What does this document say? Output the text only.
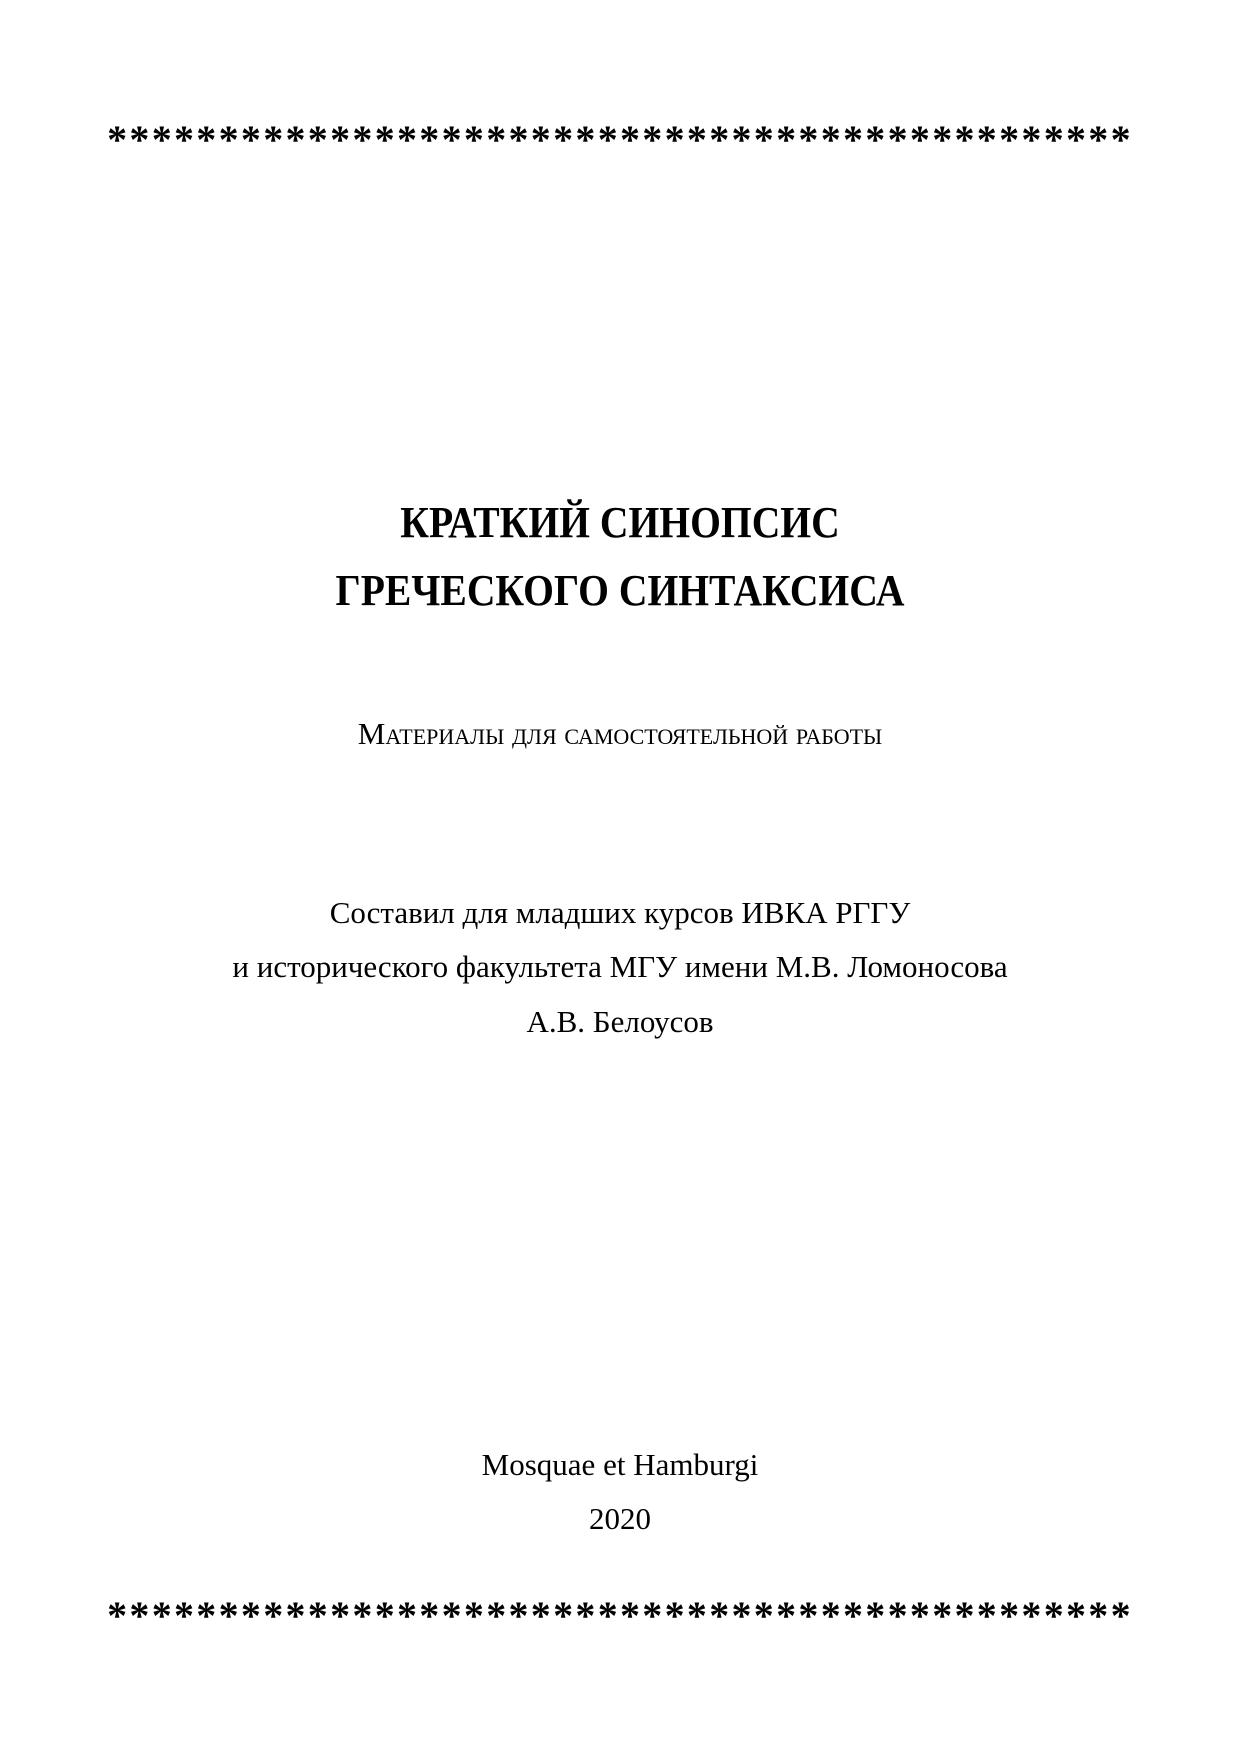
**********************************************
КРАТКИЙ СИНОПСИС
ГРЕЧЕСКОГО СИНТАКСИСА
Материалы для самостоятельной работы
Составил для младших курсов ИВКА РГГУ
и исторического факультета МГУ имени М.В. Ломоносова
А.В. Белоусов
Mosquae et Hamburgi
2020
**********************************************
